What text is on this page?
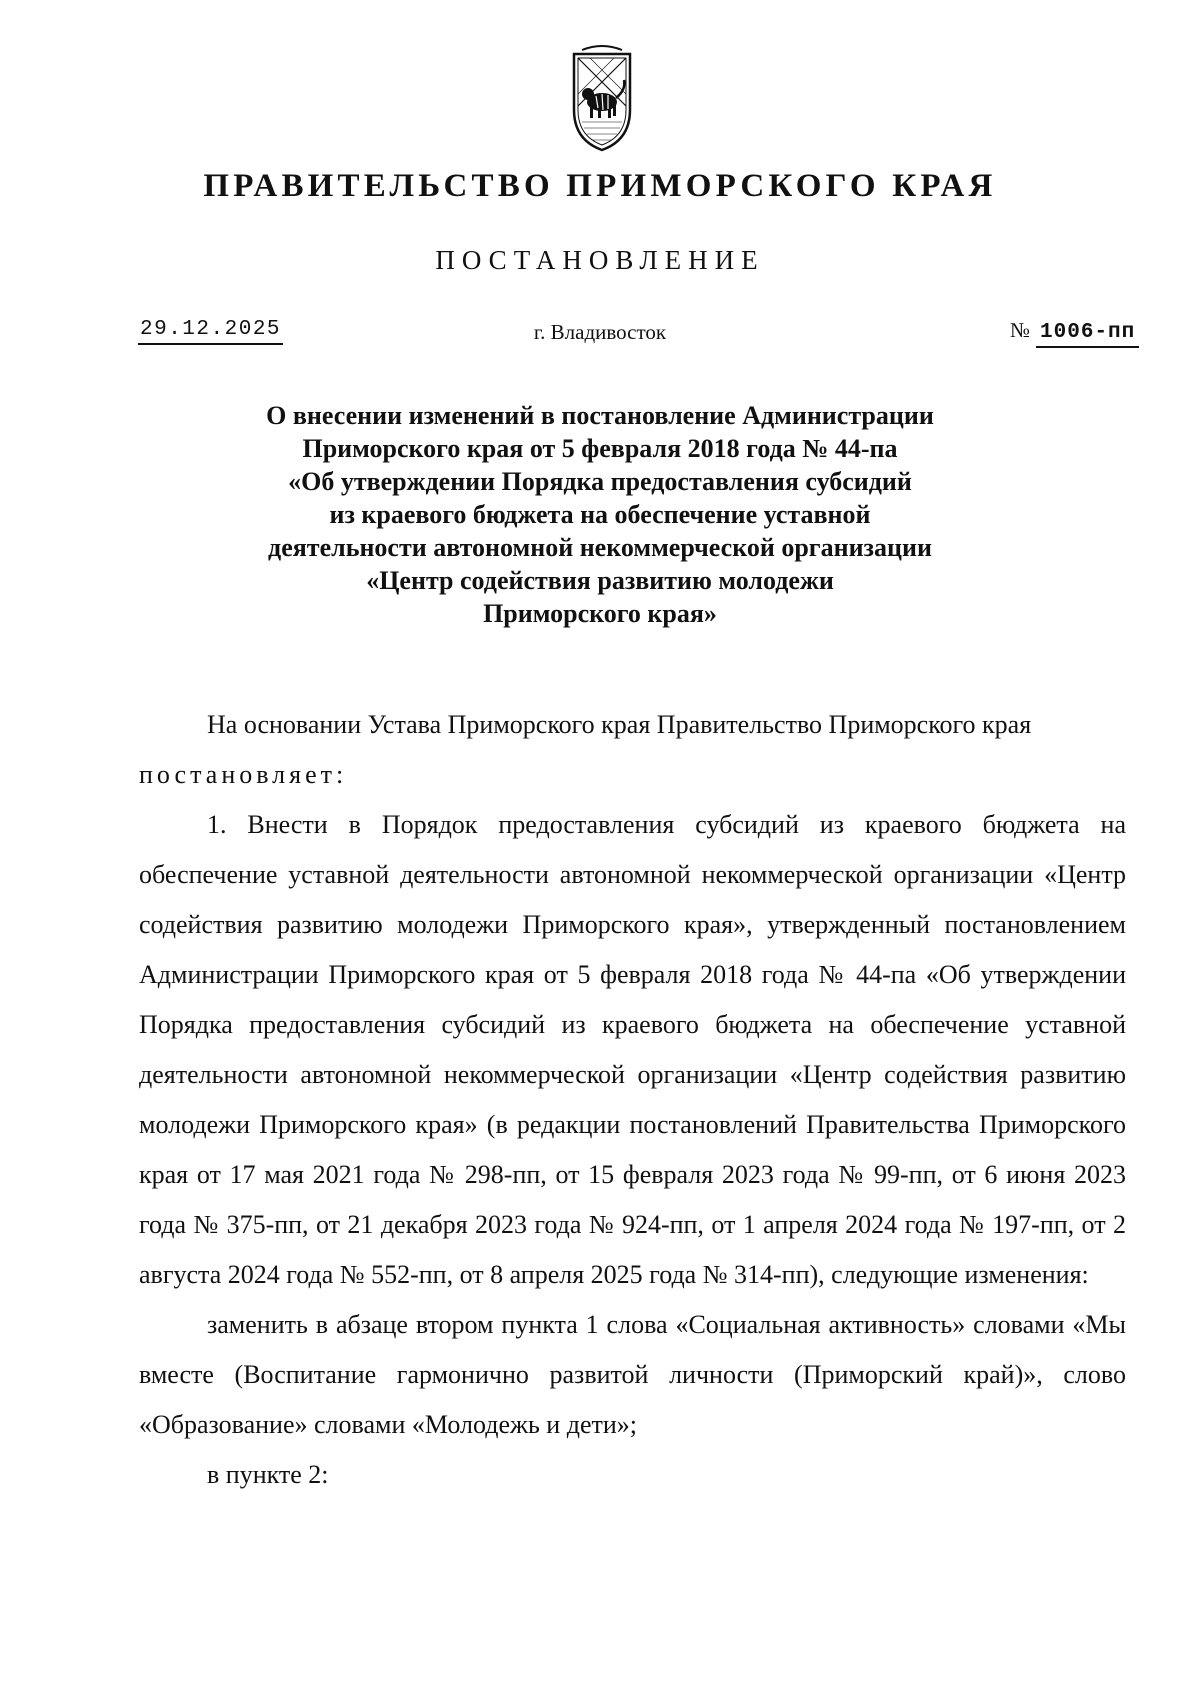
ПРАВИТЕЛЬСТВО ПРИМОРСКОГО КРАЯ
ПОСТАНОВЛЕНИЕ
29.12.2025	г. Владивосток	№ 1006-пп
О внесении изменений в постановление Администрации
Приморского края от 5 февраля 2018 года № 44-па
«Об утверждении Порядка предоставления субсидий
из краевого бюджета на обеспечение уставной
деятельности автономной некоммерческой организации
«Центр содействия развитию молодежи
Приморского края»
На основании Устава Приморского края Правительство Приморского края
постановляет:
1. Внести в Порядок предоставления субсидий из краевого бюджета на обеспечение уставной деятельности автономной некоммерческой организации «Центр содействия развитию молодежи Приморского края», утвержденный постановлением Администрации Приморского края от 5 февраля 2018 года № 44-па «Об утверждении Порядка предоставления субсидий из краевого бюджета на обеспечение уставной деятельности автономной некоммерческой организации «Центр содействия развитию молодежи Приморского края» (в редакции постановлений Правительства Приморского края от 17 мая 2021 года № 298-пп, от 15 февраля 2023 года № 99-пп, от 6 июня 2023 года № 375-пп, от 21 декабря 2023 года № 924-пп, от 1 апреля 2024 года № 197-пп, от 2 августа 2024 года № 552-пп, от 8 апреля 2025 года № 314-пп), следующие изменения:
заменить в абзаце втором пункта 1 слова «Социальная активность» словами «Мы вместе (Воспитание гармонично развитой личности (Приморский край)», слово «Образование» словами «Молодежь и дети»;
в пункте 2:
